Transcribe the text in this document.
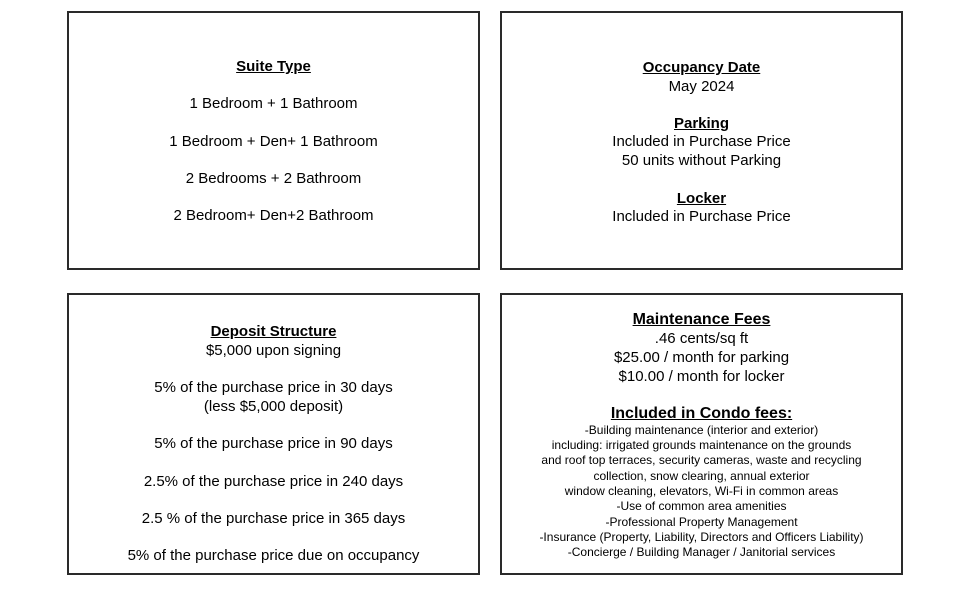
Suite Type
1 Bedroom + 1 Bathroom
1 Bedroom + Den+ 1 Bathroom
2 Bedrooms + 2 Bathroom
2 Bedroom+ Den+2 Bathroom
Occupancy Date
May 2024
Parking
Included in Purchase Price
50 units without Parking
Locker
Included in Purchase Price
Deposit Structure
$5,000 upon signing
5% of the purchase price in 30 days
(less $5,000 deposit)
5% of the purchase price in 90 days
2.5% of the purchase price in 240 days
2.5 % of the purchase price in 365 days
5% of the purchase price due on occupancy
Maintenance Fees
.46 cents/sq ft
$25.00 / month for parking
$10.00 / month for locker
Included in Condo fees:
-Building maintenance (interior and exterior)
including: irrigated grounds maintenance on the grounds
and roof top terraces, security cameras, waste and recycling
collection, snow clearing, annual exterior
window cleaning, elevators, Wi-Fi in common areas
-Use of common area amenities
-Professional Property Management
-Insurance (Property, Liability, Directors and Officers Liability)
-Concierge / Building Manager / Janitorial services
